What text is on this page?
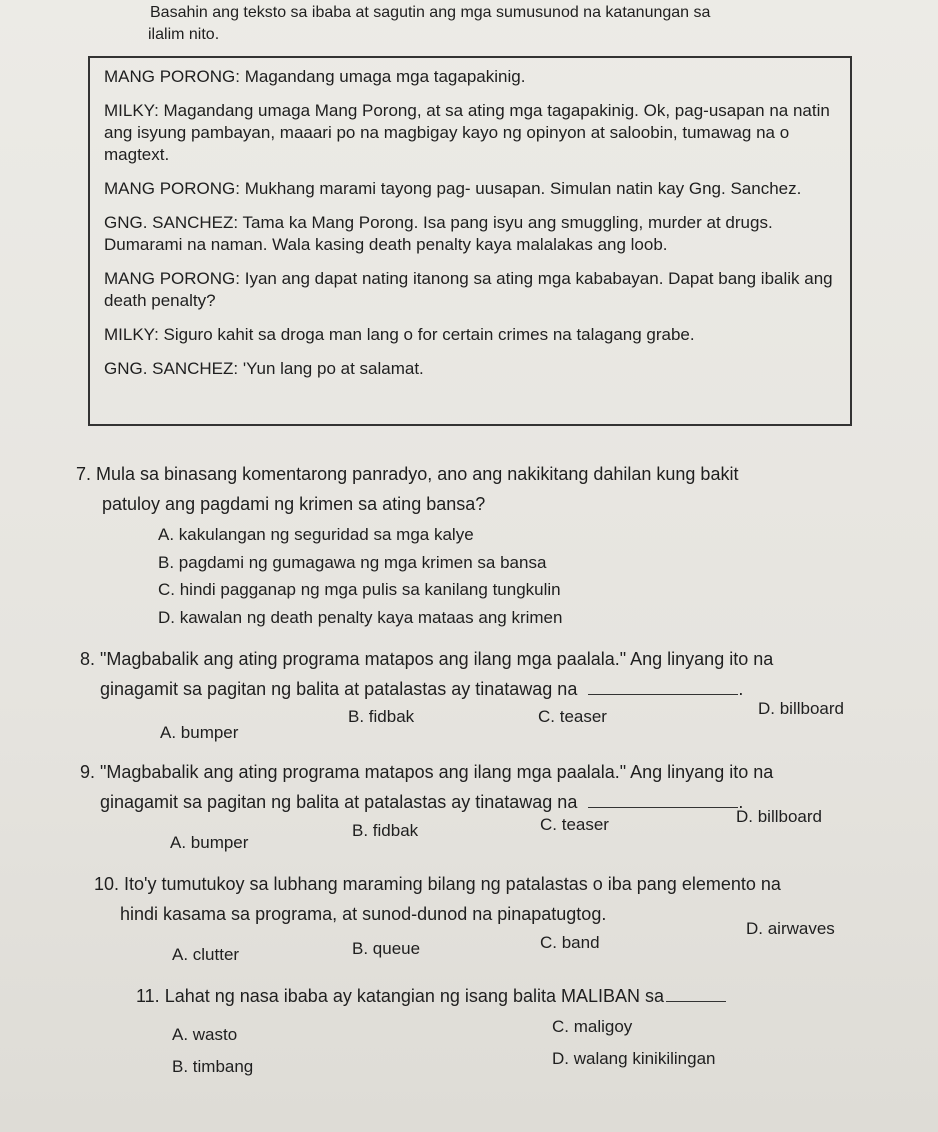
Basahin ang teksto sa ibaba at sagutin ang mga sumusunod na katanungan sa
ilalim nito.
MANG PORONG: Magandang umaga mga tagapakinig.
MILKY: Magandang umaga Mang Porong, at sa ating mga tagapakinig. Ok, pag-usapan na natin ang isyung pambayan, maaari po na magbigay kayo ng opinyon at saloobin, tumawag na o magtext.
MANG PORONG: Mukhang marami tayong pag- uusapan. Simulan natin kay Gng. Sanchez.
GNG. SANCHEZ: Tama ka Mang Porong. Isa pang isyu ang smuggling, murder at drugs. Dumarami na naman. Wala kasing death penalty kaya malalakas ang loob.
MANG PORONG: Iyan ang dapat nating itanong sa ating mga kababayan. Dapat bang ibalik ang death penalty?
MILKY: Siguro kahit sa droga man lang o for certain crimes na talagang grabe.
GNG. SANCHEZ: 'Yun lang po at salamat.
7. Mula sa binasang komentarong panradyo, ano ang nakikitang dahilan kung bakit
patuloy ang pagdami ng krimen sa ating bansa?
A. kakulangan ng seguridad sa mga kalye
B. pagdami ng gumagawa ng mga krimen sa bansa
C. hindi pagganap ng mga pulis sa kanilang tungkulin
D. kawalan ng death penalty kaya mataas ang krimen
8. "Magbabalik ang ating programa matapos ang ilang mga paalala." Ang linyang ito na
ginagamit sa pagitan ng balita at patalastas ay tinatawag na	.
A. bumper
B. fidbak	C. teaser	D. billboard
9. "Magbabalik ang ating programa matapos ang ilang mga paalala." Ang linyang ito na
ginagamit sa pagitan ng balita at patalastas ay tinatawag na	.
A. bumper
B. fidbak	C. teaser	D. billboard
10. Ito'y tumutukoy sa lubhang maraming bilang ng patalastas o iba pang elemento na
hindi kasama sa programa, at sunod-dunod na pinapatugtog.
A. clutter	B. queue	C. band
D. airwaves
11. Lahat ng nasa ibaba ay katangian ng isang balita MALIBAN sa
A. wasto	C. maligoy
B. timbang	D. walang kinikilingan
